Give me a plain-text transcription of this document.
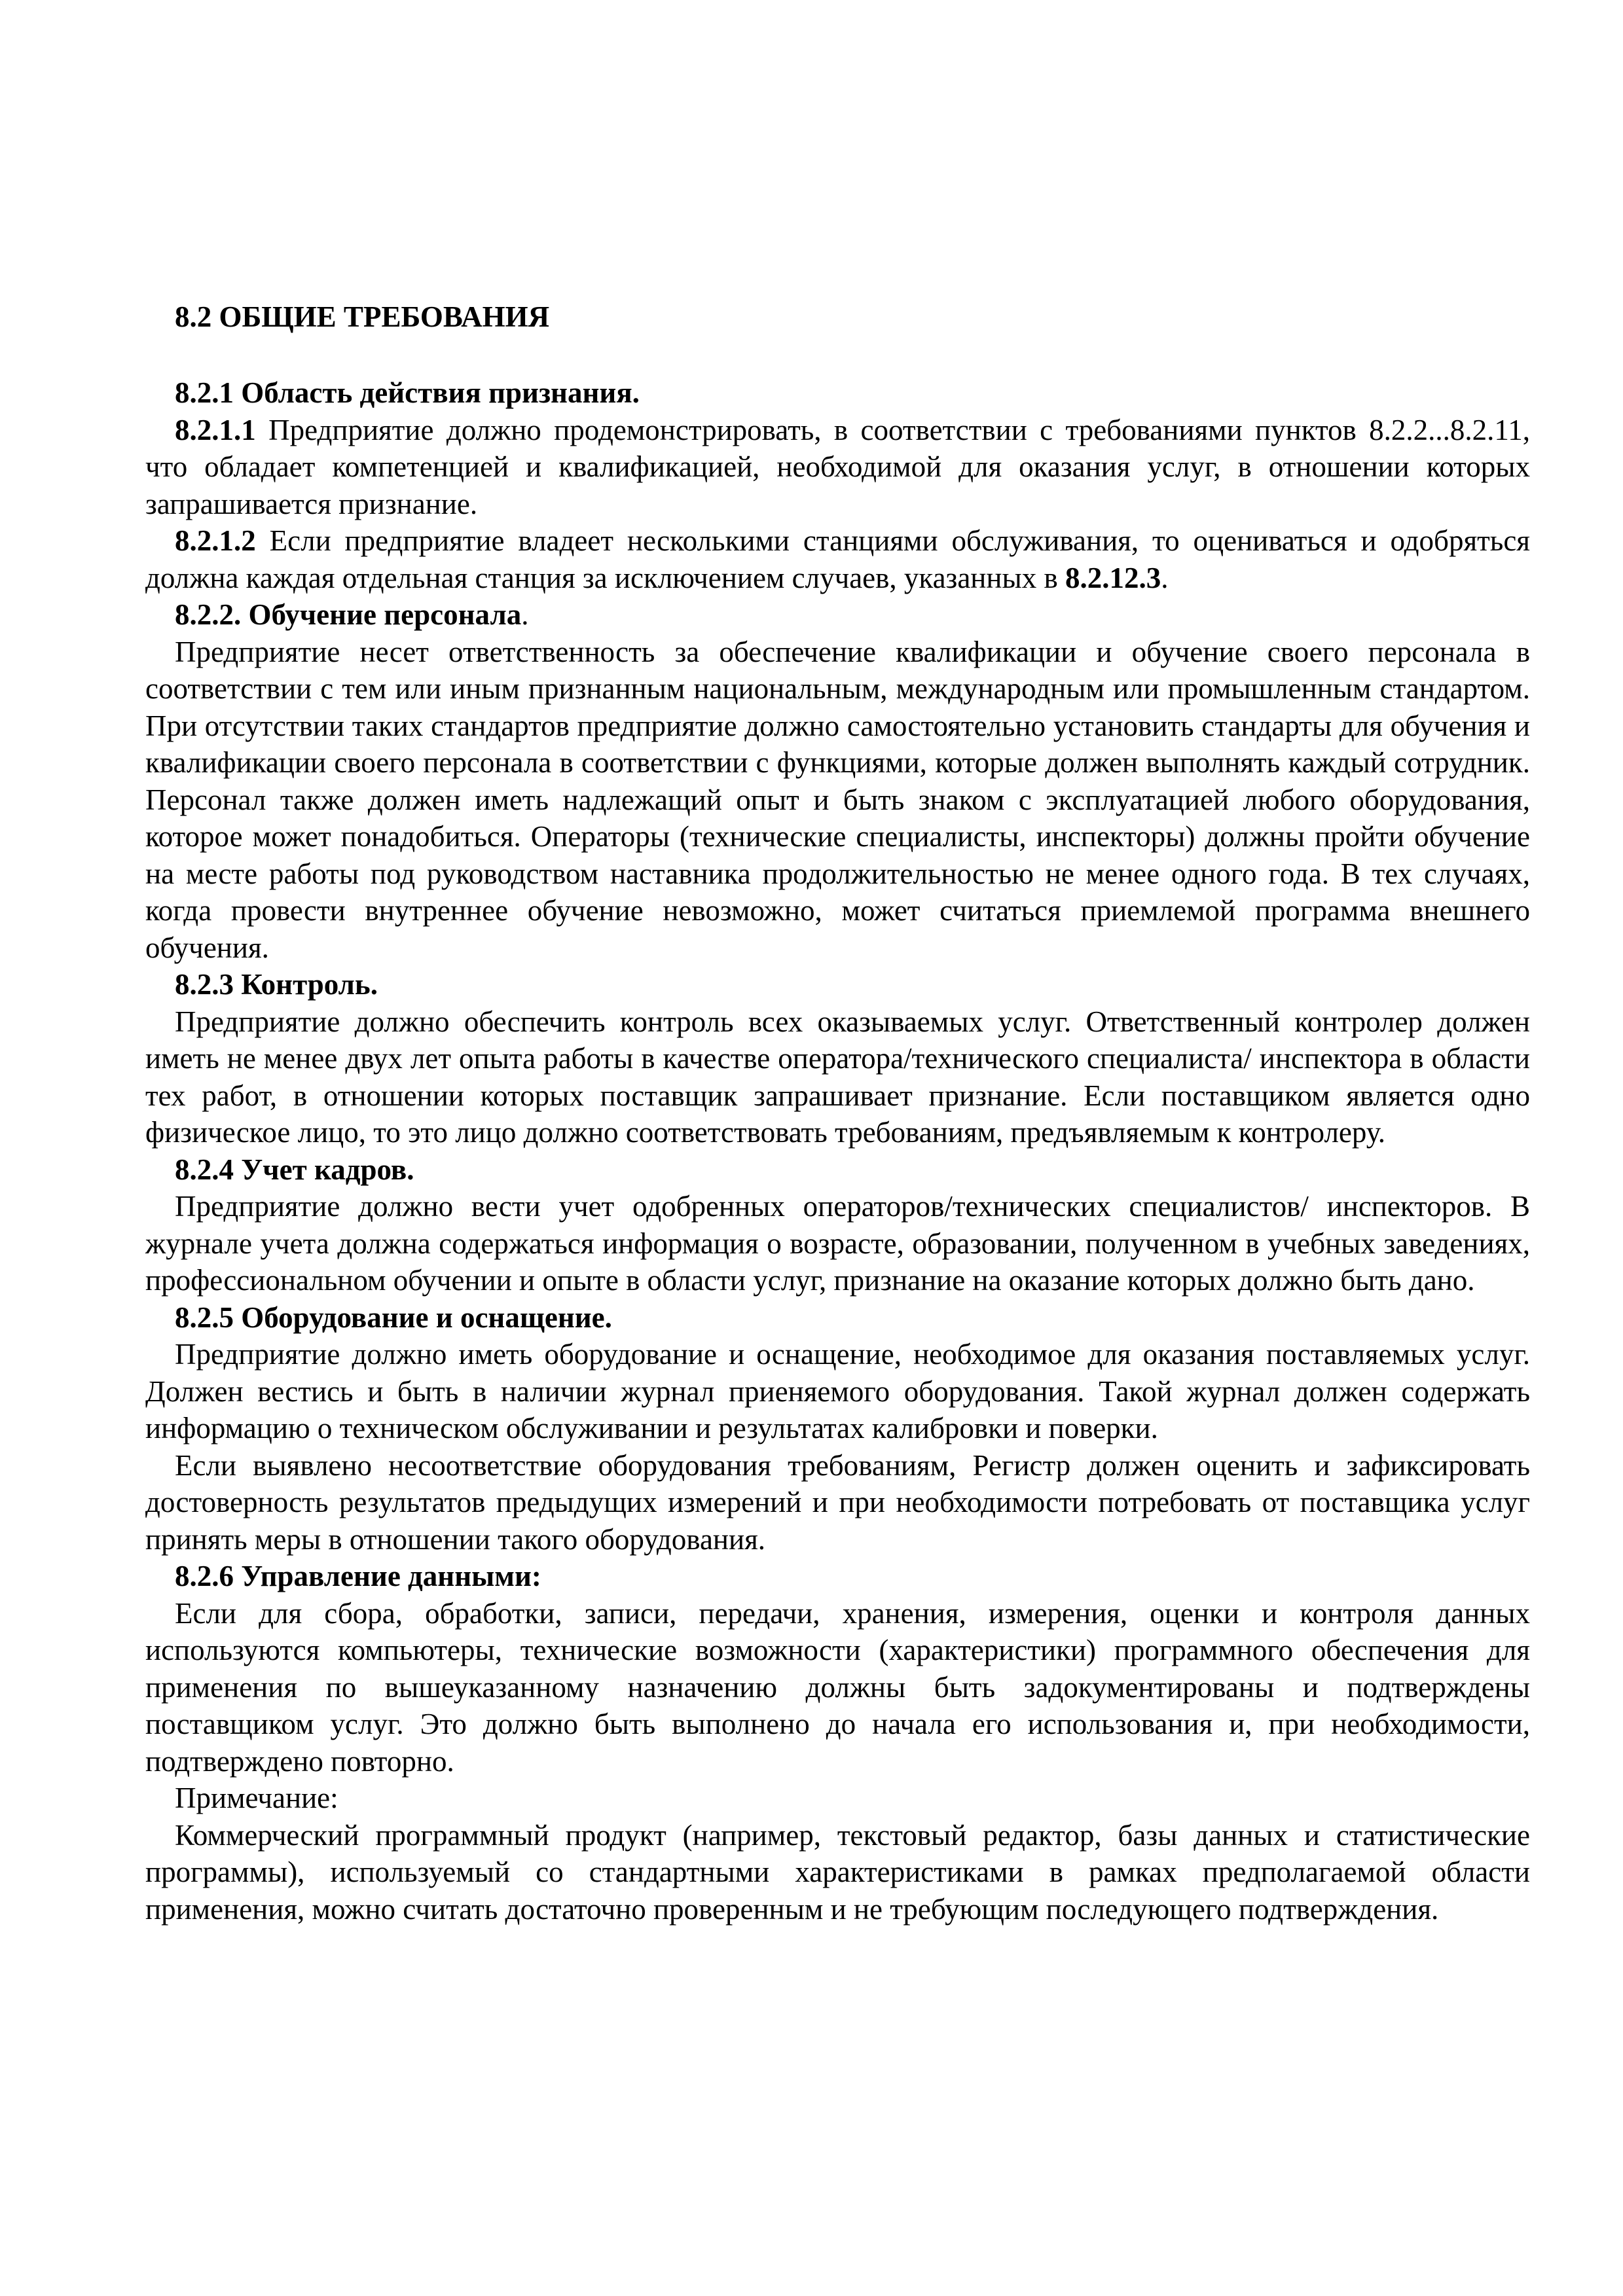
8.2 ОБЩИЕ ТРЕБОВАНИЯ
8.2.1 Область действия признания.

8.2.1.1 Предприятие должно продемонстрировать, в соответствии с требованиями пунктов 8.2.2...8.2.11, что обладает компетенцией и квалификацией, необходимой для оказания услуг, в отношении которых запрашивается признание.

8.2.1.2 Если предприятие владеет несколькими станциями обслуживания, то оцениваться и одобряться должна каждая отдельная станция за исключением случаев, указанных в 8.2.12.3.

8.2.2. Обучение персонала.

Предприятие несет ответственность за обеспечение квалификации и обучение своего персонала в соответствии с тем или иным признанным национальным, международным или промышленным стандартом. При отсутствии таких стандартов предприятие должно самостоятельно установить стандарты для обучения и квалификации своего персонала в соответствии с функциями, которые должен выполнять каждый сотрудник. Персонал также должен иметь надлежащий опыт и быть знаком с эксплуатацией любого оборудования, которое может понадобиться. Операторы (технические специалисты, инспекторы) должны пройти обучение на месте работы под руководством наставника продолжительностью не менее одного года. В тех случаях, когда провести внутреннее обучение невозможно, может считаться приемлемой программа внешнего обучения.

8.2.3 Контроль.

Предприятие должно обеспечить контроль всех оказываемых услуг. Ответственный контролер должен иметь не менее двух лет опыта работы в качестве оператора/технического специалиста/ инспектора в области тех работ, в отношении которых поставщик запрашивает признание. Если поставщиком является одно физическое лицо, то это лицо должно соответствовать требованиям, предъявляемым к контролеру.

8.2.4 Учет кадров.

Предприятие должно вести учет одобренных операторов/технических специалистов/ инспекторов. В журнале учета должна содержаться информация о возрасте, образовании, полученном в учебных заведениях, профессиональном обучении и опыте в области услуг, признание на оказание которых должно быть дано.

8.2.5 Оборудование и оснащение.

Предприятие должно иметь оборудование и оснащение, необходимое для оказания поставляемых услуг. Должен вестись и быть в наличии журнал приеняемого оборудования. Такой журнал должен содержать информацию о техническом обслуживании и результатах калибровки и поверки.

Если выявлено несоответствие оборудования требованиям, Регистр должен оценить и зафиксировать достоверность результатов предыдущих измерений и при необходимости потребовать от поставщика услуг принять меры в отношении такого оборудования.

8.2.6 Управление данными:

Если для сбора, обработки, записи, передачи, хранения, измерения, оценки и контроля данных используются компьютеры, технические возможности (характеристики) программного обеспечения для применения по вышеуказанному назначению должны быть задокументированы и подтверждены поставщиком услуг. Это должно быть выполнено до начала его использования и, при необходимости, подтверждено повторно.

Примечание:

Коммерческий программный продукт (например, текстовый редактор, базы данных и статистические программы), используемый со стандартными характеристиками в рамках предполагаемой области применения, можно считать достаточно проверенным и не требующим последующего подтверждения.
